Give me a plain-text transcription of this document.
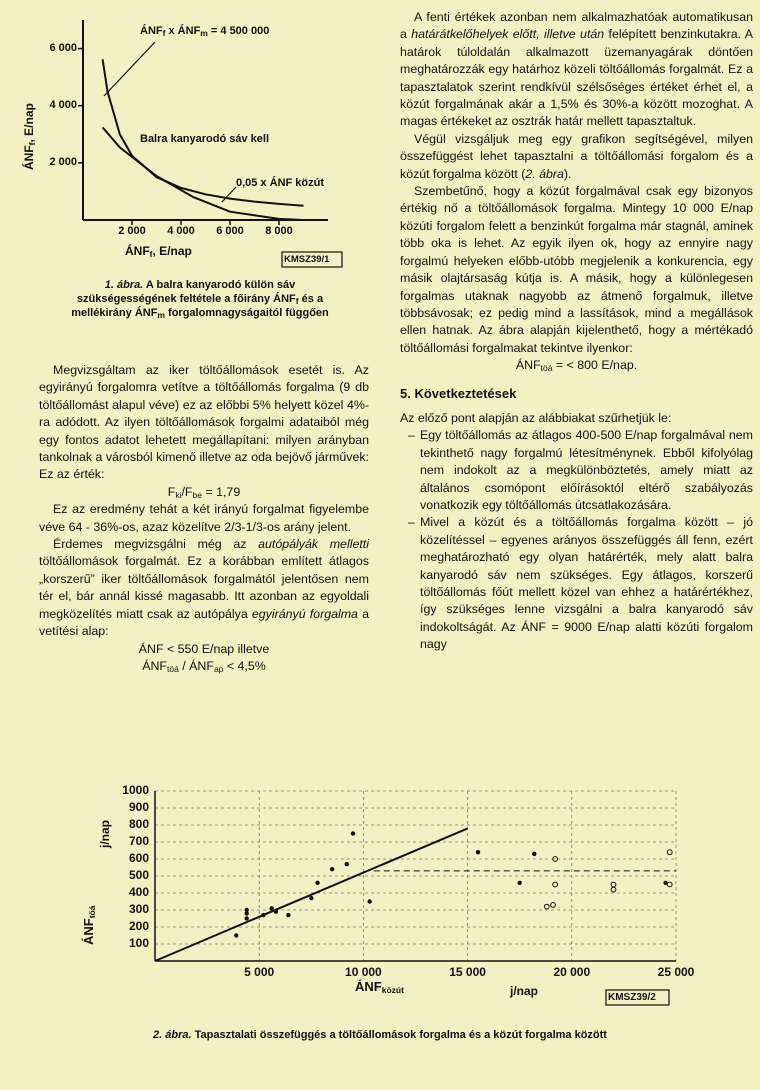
2 000	4 000	6 000	8 000
2 000
4 000
6 000
$ÁNF_f$ x $ÁNF_m = 4$ 500 000
Balra kanyarodó sáv kell
0,05 x ÁNF közút
$ÁNF_f$, E/nap
$ÁNF_f$, E/nap
KMSZ39/1
1. ábra. A balra kanyarodó külön sáv
szükségességének feltétele a főirány $ÁNF_f$ és a
mellékirány $ÁNF_m$ forgalomnagyságaitól függően

Megvizsgáltam az iker töltőállomások esetét is. Az egyirányú forgalomra vetítve a töltőállomás forgalma (9 db töltőállomást alapul véve) ez az előbbi 5% helyett közel 4%-ra adódott. Az ilyen töltőállomások forgalmi adataiból még egy fontos adatot lehetett megállapítani: milyen arányban tankolnak a városból kimenő illetve az oda bejövő járművek: Ez az érték:

$F_{ki}/F_{be} = 1,79$

Ez az eredmény tehát a két irányú forgalmat figyelembe véve 64 - 36%-os, azaz közelítve 2/3-1/3-os arány jelent.

Érdemes megvizsgálni még az autópályák melletti töltőállomások forgalmát. Ez a korábban említett átlagos „korszerű” iker töltőállomások forgalmától jelentősen nem tér el, bár annál kissé magasabb. Itt azonban az egyoldali megközelítés miatt csak az autópálya egyirányú forgalma a vetítési alap:

ÁNF < 550 E/nap illetve
$ÁNF_{töá}$ / $ÁNF_{ap} < 4,5\%$

A fenti értékek azonban nem alkalmazhatóak automatikusan a határátkelőhelyek előtt, illetve után felépített benzinkutakra. A határok túloldalán alkalmazott üzemanyagárak döntően meghatározzák egy határhoz közeli töltőállomás forgalmát. Ez a tapasztalatok szerint rendkívül szélsőséges értéket érhet el, a közút forgalmának akár a 1,5% és 30%-a között mozoghat. A magas értékeket az osztrák határ mellett tapasztaltuk.

Végül vizsgáljuk meg egy grafikon segítségével, milyen összefüggést lehet tapasztalni a töltőállomási forgalom és a közút forgalma között (2. ábra).

Szembetűnő, hogy a közút forgalmával csak egy bizonyos értékig nő a töltőállomások forgalma. Mintegy 10 000 E/nap közúti forgalom felett a benzinkút forgalma már stagnál, aminek több oka is lehet. Az egyik ilyen ok, hogy az ennyire nagy forgalmú helyeken előbb-utóbb megjelenik a konkurencia, egy másik olajtársaság kútja is. A másik, hogy a különlegesen forgalmas utaknak nagyobb az átmenő forgalmuk, illetve többsávosak; ez pedig mind a lassítások, mind a megállások ellen hatnak. Az ábra alapján kijelenthető, hogy a mértékadó töltőállomási forgalmakat tekintve ilyenkor:

$ÁNF_{töá}$ = < 800 E/nap.

5. Következtetések

Az előző pont alapján az alábbiakat szűrhetjük le:

– Egy töltőállomás az átlagos 400-500 E/nap forgalmával nem tekinthető nagy forgalmú létesítménynek. Ebből kifolyólag nem indokolt az a megkülönböztetés, amely miatt az általános csomópont előírásoktól eltérő szabályozás vonatkozik egy töltőállomás útcsatlakozására.
– Mivel a közút és a töltőállomás forgalma között – jó közelítéssel – egyenes arányos összefüggés áll fenn, ezért meghatározható egy olyan határérték, mely alatt balra kanyarodó sáv nem szükséges. Egy átlagos, korszerű töltőállomás főút mellett közel van ehhez a határértékhez, így szükséges lenne vizsgálni a balra kanyarodó sáv indokoltságát. Az ÁNF = 9000 E/nap alatti közúti forgalom nagy
100
200
300
400
500
600
700
800
900
1000
5 000	10 000	15 000	20 000	25 000
$ÁNF_{töá}$
j/nap
$ÁNF_{közút}$	j/nap	KMSZ39/2
2. ábra. Tapasztalati összefüggés a töltőállomások forgalma és a közút forgalma között
